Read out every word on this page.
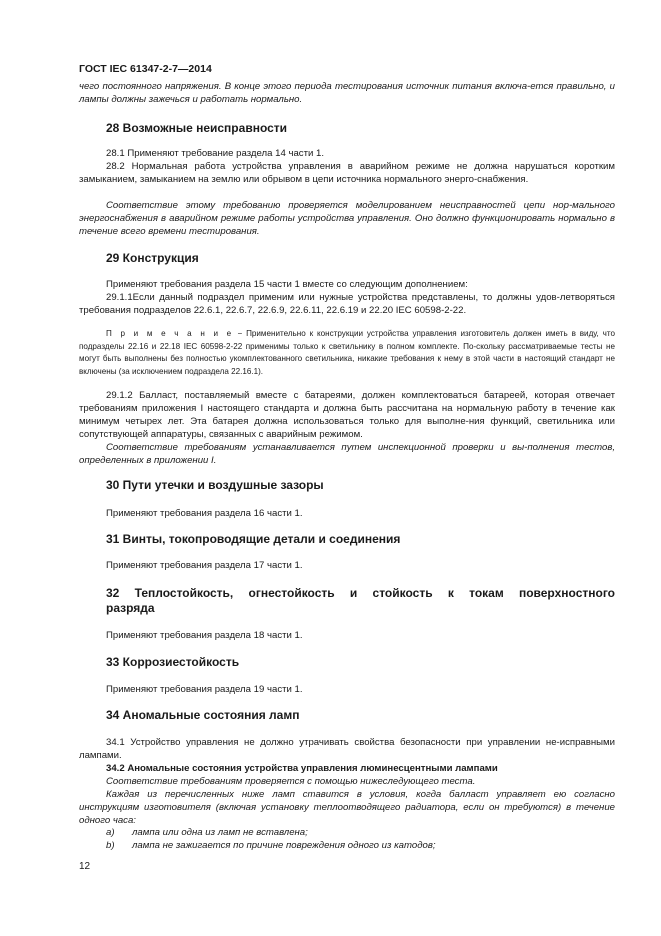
ГОСТ IEC 61347-2-7—2014

чего постоянного напряжения. В конце этого периода тестирования источник питания включа-ется правильно, и лампы должны зажечься и работать нормально.

28 Возможные неисправности

28.1 Применяют требование раздела 14 части 1.

28.2 Нормальная работа устройства управления в аварийном режиме не должна нарушаться коротким замыканием, замыканием на землю или обрывом в цепи источника нормального энерго-снабжения.

Соответствие этому требованию проверяется моделированием неисправностей цепи нор-мального энергоснабжения в аварийном режиме работы устройства управления. Оно должно функционировать нормально в течение всего времени тестирования.

29 Конструкция

Применяют требования раздела 15 части 1 вместе со следующим дополнением:

29.1.1Если данный подраздел применим или нужные устройства представлены, то должны удов-летворяться требования подразделов 22.6.1, 22.6.7, 22.6.9, 22.6.11, 22.6.19 и 22.20 IEC 60598-2-22.

П р и м е ч а н и е − Применительно к конструкции устройства управления изготовитель должен иметь в виду, что подразделы 22.16 и 22.18 IEC 60598-2-22 применимы только к светильнику в полном комплекте. По-скольку рассматриваемые тесты не могут быть выполнены без полностью укомплектованного светильника, никакие требования к нему в этой части в настоящий стандарт не включены (за исключением подраздела 22.16.1).

29.1.2 Балласт, поставляемый вместе с батареями, должен комплектоваться батареей, которая отвечает требованиям приложения I настоящего стандарта и должна быть рассчитана на нормальную работу в течение как минимум четырех лет. Эта батарея должна использоваться только для выполне-ния функций, светильника или сопутствующей аппаратуры, связанных с аварийным режимом.

Соответствие требованиям устанавливается путем инспекционной проверки и вы-полнения тестов, определенных в приложении I.

30 Пути утечки и воздушные зазоры

Применяют требования раздела 16 части 1.

31 Винты, токопроводящие детали и соединения

Применяют требования раздела 17 части 1.

32 Теплостойкость, огнестойкость и стойкость к токам поверхностного
разряда

Применяют требования раздела 18 части 1.

33 Коррозиестойкость

Применяют требования раздела 19 части 1.

34 Аномальные состояния ламп

34.1 Устройство управления не должно утрачивать свойства безопасности при управлении не-исправными лампами.

34.2 Аномальные состояния устройства управления люминесцентными лампами

Соответствие требованиям проверяется с помощью нижеследующего теста.

Каждая из перечисленных ниже ламп ставится в условия, когда балласт управляет ею согласно инструкциям изготовителя (включая установку теплоотводящего радиатора, если он требуются) в течение одного часа:

a) лампа или одна из ламп не вставлена;
b) лампа не зажигается по причине повреждения одного из катодов;
12
